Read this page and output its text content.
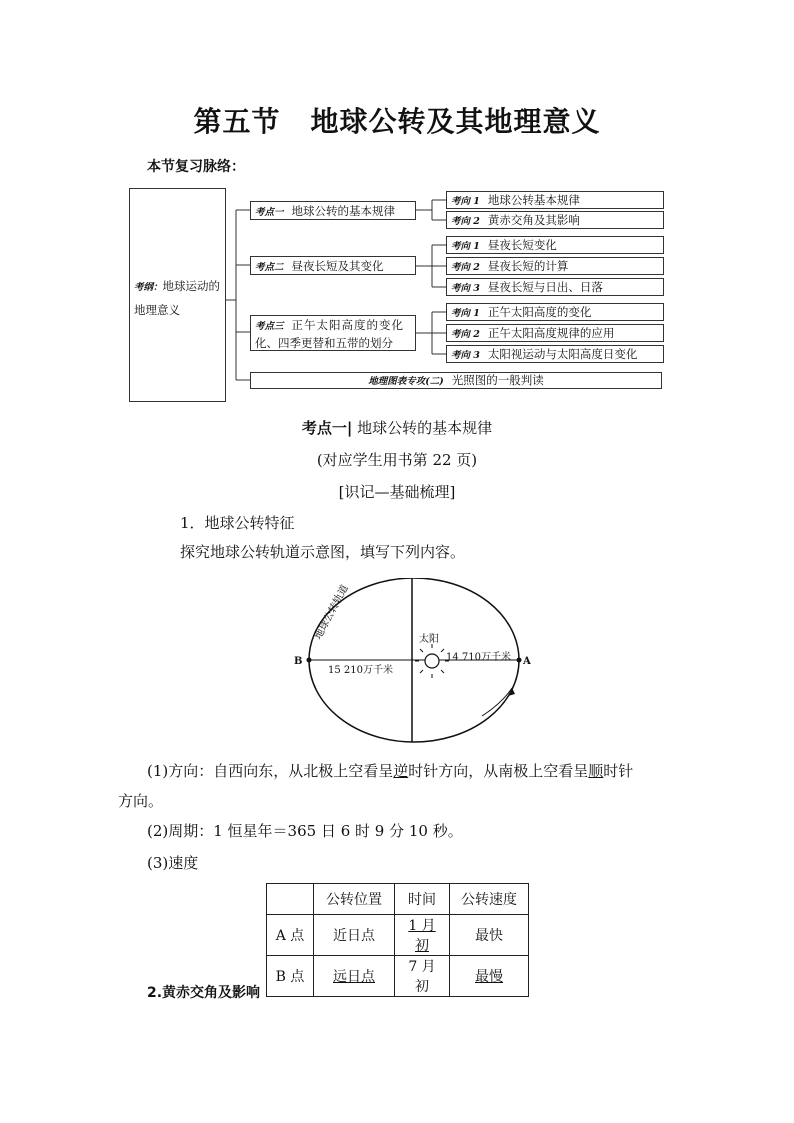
第五节 地球公转及其地理意义
本节复习脉络：
考纲：地球运动的
地理意义
考点一 地球公转的基本规律
考点二 昼夜长短及其变化
考点三 正午太阳高度的变化
化、四季更替和五带的划分
地理图表专攻(二) 光照图的一般判读
考向 1 地球公转基本规律
考向 2 黄赤交角及其影响
考向 1 昼夜长短变化
考向 2 昼夜长短的计算
考向 3 昼夜长短与日出、日落
考向 1 正午太阳高度的变化
考向 2 正午太阳高度规律的应用
考向 3 太阳视运动与太阳高度日变化
考点一| 地球公转的基本规律
(对应学生用书第 22 页)
[识记—基础梳理]
1．地球公转特征
探究地球公转轨道示意图，填写下列内容。
地球公转轨道	太阳
14 710万千米
15 210万千米
A
B
(1)方向：自西向东，从北极上空看呈逆时针方向，从南极上空看呈顺时针
方向。
(2)周期：1 恒星年＝365 日 6 时 9 分 10 秒。
(3)速度
	公转位置	时间	公转速度
A 点	近日点	1 月初	最快
B 点	远日点	7 月初	最慢
2.黄赤交角及影响
